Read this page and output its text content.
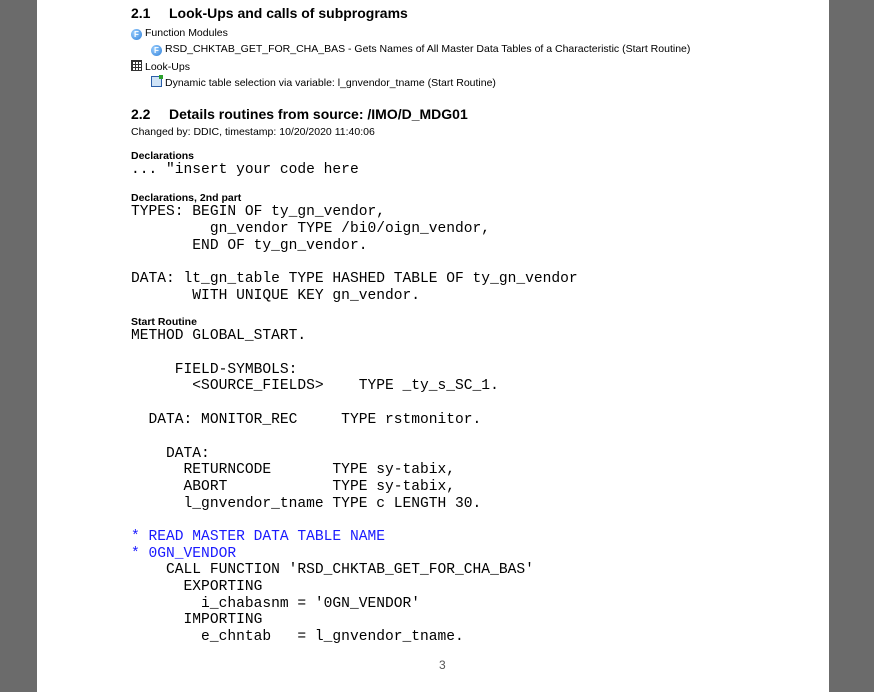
2.1 Look-Ups and calls of subprograms
F Function Modules
F RSD_CHKTAB_GET_FOR_CHA_BAS - Gets Names of All Master Data Tables of a Characteristic (Start Routine)
Look-Ups
Dynamic table selection via variable: l_gnvendor_tname (Start Routine)
2.2 Details routines from source: /IMO/D_MDG01
Changed by: DDIC, timestamp: 10/20/2020 11:40:06
Declarations
... "insert your code here
Declarations, 2nd part
TYPES: BEGIN OF ty_gn_vendor,
gn_vendor TYPE /bi0/oign_vendor,
END OF ty_gn_vendor.

DATA: lt_gn_table TYPE HASHED TABLE OF ty_gn_vendor
WITH UNIQUE KEY gn_vendor.
Start Routine
METHOD GLOBAL_START.

FIELD-SYMBOLS:
<SOURCE_FIELDS>    TYPE _ty_s_SC_1.

DATA: MONITOR_REC     TYPE rstmonitor.

DATA:
RETURNCODE       TYPE sy-tabix,
ABORT            TYPE sy-tabix,
l_gnvendor_tname TYPE c LENGTH 30.

* READ MASTER DATA TABLE NAME
* 0GN_VENDOR
CALL FUNCTION 'RSD_CHKTAB_GET_FOR_CHA_BAS'
EXPORTING
i_chabasnm = '0GN_VENDOR'
IMPORTING
e_chntab   = l_gnvendor_tname.
3
